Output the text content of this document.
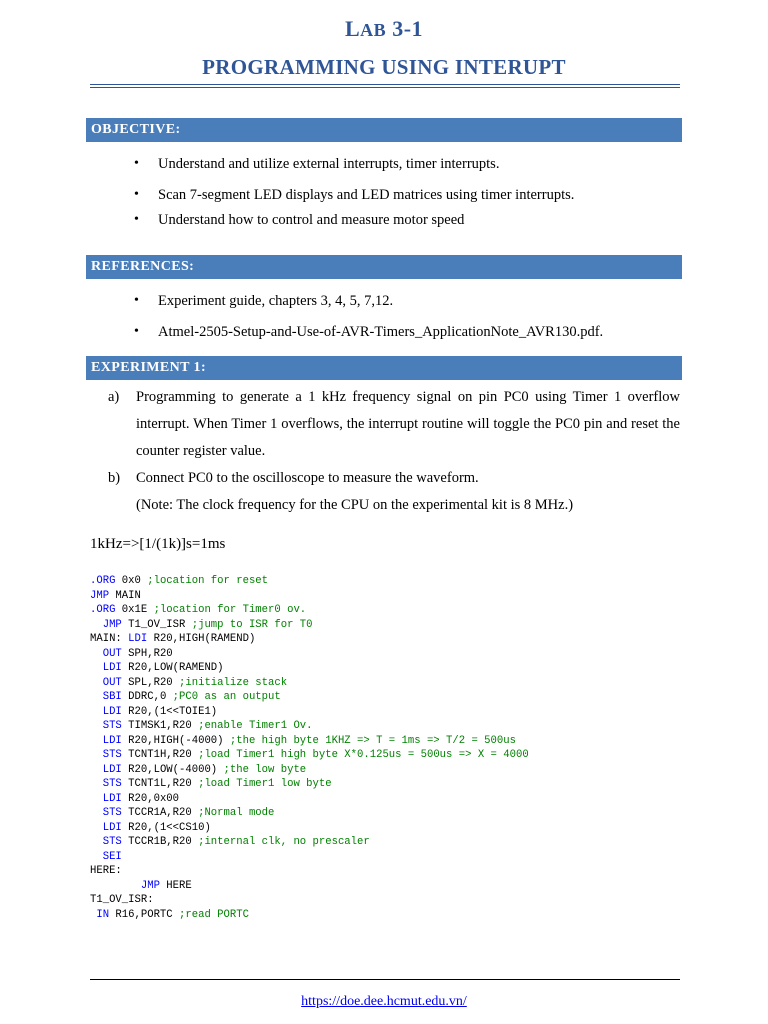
LAB 3-1
PROGRAMMING USING INTERUPT
OBJECTIVE:
• Understand and utilize external interrupts, timer interrupts.
• Scan 7-segment LED displays and LED matrices using timer interrupts.
• Understand how to control and measure motor speed
REFERENCES:
• Experiment guide, chapters 3, 4, 5, 7,12.
• Atmel-2505-Setup-and-Use-of-AVR-Timers_ApplicationNote_AVR130.pdf.
EXPERIMENT 1:
a) Programming to generate a 1 kHz frequency signal on pin PC0 using Timer 1 overflow interrupt. When Timer 1 overflows, the interrupt routine will toggle the PC0 pin and reset the counter register value.
b) Connect PC0 to the oscilloscope to measure the waveform.
(Note: The clock frequency for the CPU on the experimental kit is 8 MHz.)
1kHz=>[1/(1k)]s=1ms
.ORG 0x0 ;location for reset
JMP MAIN
.ORG 0x1E ;location for Timer0 ov.
JMP T1_OV_ISR ;jump to ISR for T0
MAIN: LDI R20,HIGH(RAMEND)
OUT SPH,R20
LDI R20,LOW(RAMEND)
OUT SPL,R20 ;initialize stack
SBI DDRC,0 ;PC0 as an output
LDI R20,(1<<TOIE1)
STS TIMSK1,R20 ;enable Timer1 Ov.
LDI R20,HIGH(-4000) ;the high byte 1KHZ => T = 1ms => T/2 = 500us
STS TCNT1H,R20 ;load Timer1 high byte X*0.125us = 500us => X = 4000
LDI R20,LOW(-4000) ;the low byte
STS TCNT1L,R20 ;load Timer1 low byte
LDI R20,0x00
STS TCCR1A,R20 ;Normal mode
LDI R20,(1<<CS10)
STS TCCR1B,R20 ;internal clk, no prescaler
SEI
HERE:
JMP HERE
T1_OV_ISR:
IN R16,PORTC ;read PORTC
https://doe.dee.hcmut.edu.vn/
